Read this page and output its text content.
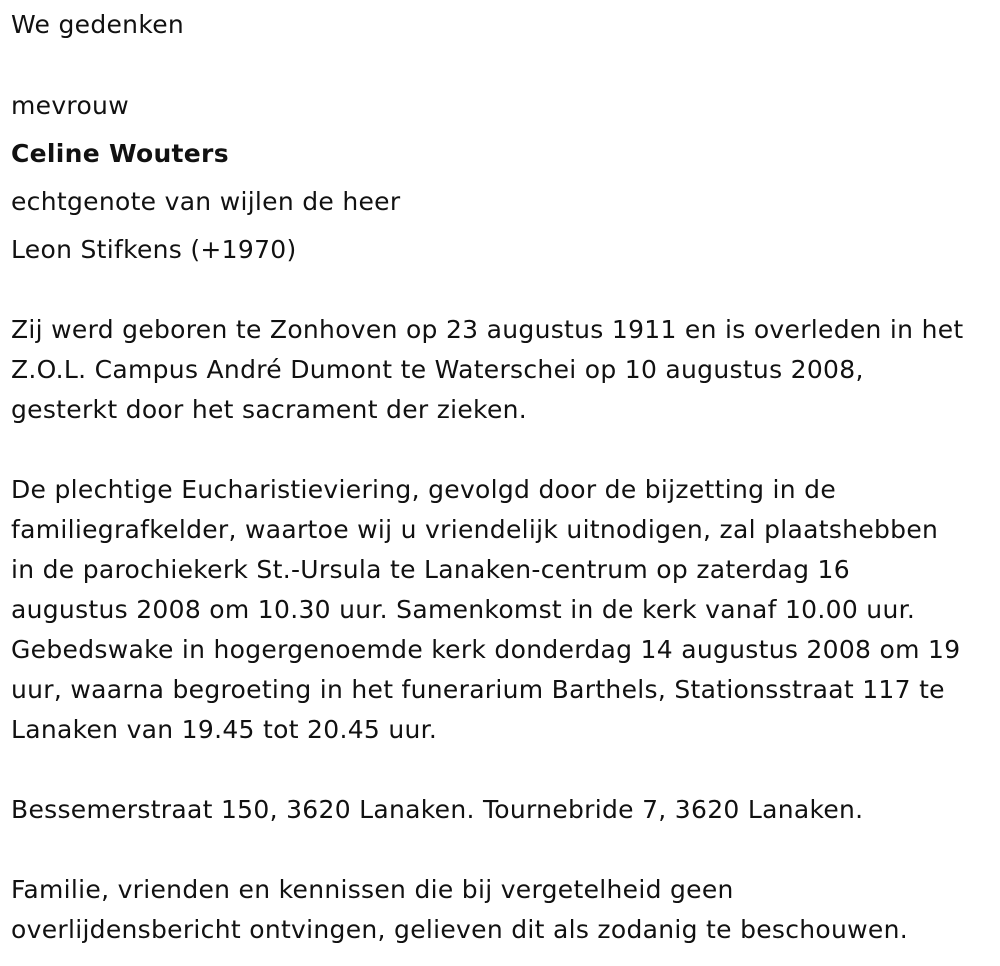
We gedenken
mevrouw
Celine Wouters
echtgenote van wijlen de heer
Leon Stifkens (+1970)
Zij werd geboren te Zonhoven op 23 augustus 1911 en is overleden in het
Z.O.L. Campus André Dumont te Waterschei op 10 augustus 2008,
gesterkt door het sacrament der zieken.
De plechtige Eucharistieviering, gevolgd door de bijzetting in de
familiegrafkelder, waartoe wij u vriendelijk uitnodigen, zal plaatshebben
in de parochiekerk St.-Ursula te Lanaken-centrum op zaterdag 16
augustus 2008 om 10.30 uur. Samenkomst in de kerk vanaf 10.00 uur.
Gebedswake in hogergenoemde kerk donderdag 14 augustus 2008 om 19
uur, waarna begroeting in het funerarium Barthels, Stationsstraat 117 te
Lanaken van 19.45 tot 20.45 uur.
Bessemerstraat 150, 3620 Lanaken. Tournebride 7, 3620 Lanaken.
Familie, vrienden en kennissen die bij vergetelheid geen
overlijdensbericht ontvingen, gelieven dit als zodanig te beschouwen.
